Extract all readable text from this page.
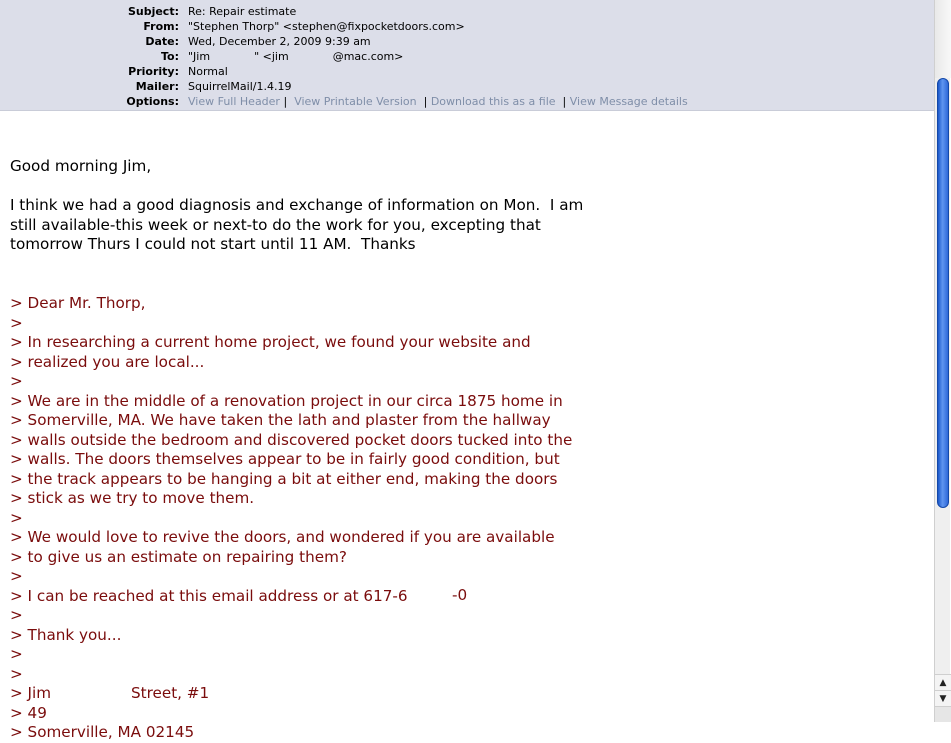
Subject: Re: Repair estimate
From: "Stephen Thorp" <stephen@fixpocketdoors.com>
Date: Wed, December 2, 2009 9:39 am
To: "Jim	" <jim	@mac.com>
Priority: Normal
Mailer: SquirrelMail/1.4.19
Options: View Full Header | View Printable Version | Download this as a file | View Message details
Good morning Jim,

I think we had a good diagnosis and exchange of information on Mon.  I am
still available-this week or next-to do the work for you, excepting that
tomorrow Thurs I could not start until 11 AM.  Thanks
> Dear Mr. Thorp,
>
> In researching a current home project, we found your website and
> realized you are local...
>
> We are in the middle of a renovation project in our circa 1875 home in
> Somerville, MA. We have taken the lath and plaster from the hallway
> walls outside the bedroom and discovered pocket doors tucked into the
> walls. The doors themselves appear to be in fairly good condition, but
> the track appears to be hanging a bit at either end, making the doors
> stick as we try to move them.
>
> We would love to revive the doors, and wondered if you are available
> to give us an estimate on repairing them?
>
> I can be reached at this email address or at 617-6
>
> Thank you...
>
>
> Jim
> 49
> Somerville, MA 02145
-0
Street, #1
▲
▼
